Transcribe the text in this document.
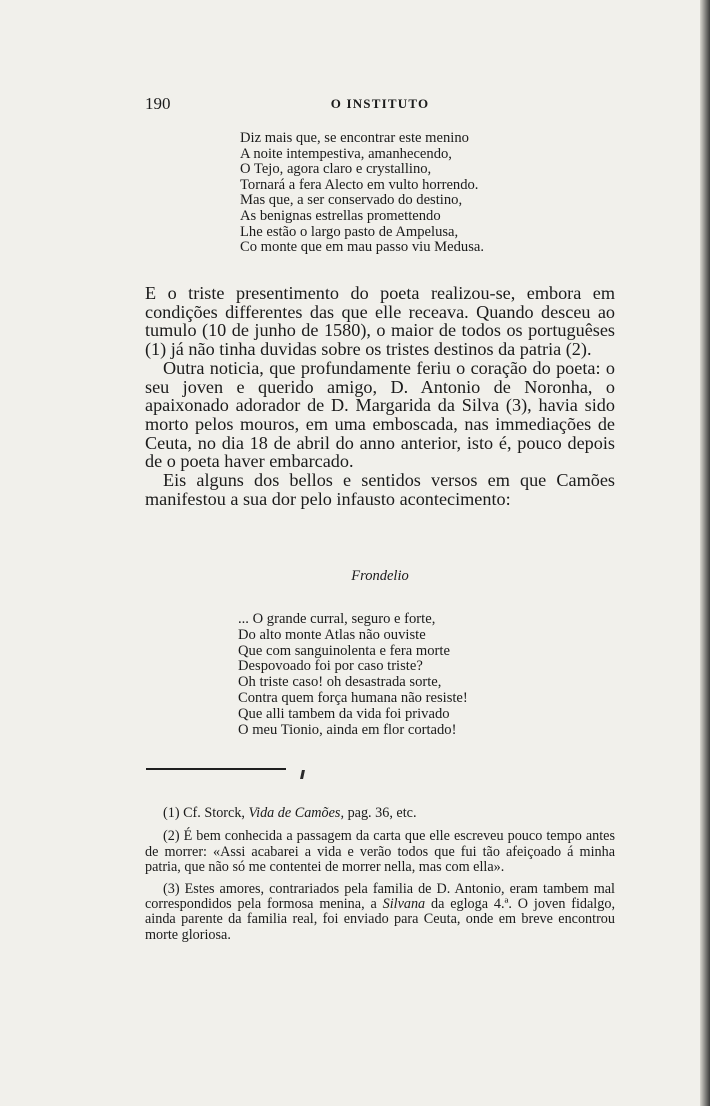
190	O INSTITUTO
Diz mais que, se encontrar este menino
A noite intempestiva, amanhecendo,
O Tejo, agora claro e crystallino,
Tornará a fera Alecto em vulto horrendo.
Mas que, a ser conservado do destino,
As benignas estrellas promettendo
Lhe estão o largo pasto de Ampelusa,
Co monte que em mau passo viu Medusa.

E o triste presentimento do poeta realizou-se, embora em condições differentes das que elle receava. Quando desceu ao tumulo (10 de junho de 1580), o maior de todos os portuguêses (1) já não tinha duvidas sobre os tristes destinos da patria (2).

Outra noticia, que profundamente feriu o coração do poeta: o seu joven e querido amigo, D. Antonio de Noronha, o apaixonado adorador de D. Margarida da Silva (3), havia sido morto pelos mouros, em uma emboscada, nas immediações de Ceuta, no dia 18 de abril do anno anterior, isto é, pouco depois de o poeta haver embarcado.

Eis alguns dos bellos e sentidos versos em que Camões manifestou a sua dor pelo infausto acontecimento:

Frondelio
... O grande curral, seguro e forte,
Do alto monte Atlas não ouviste
Que com sanguinolenta e fera morte
Despovoado foi por caso triste?
Oh triste caso! oh desastrada sorte,
Contra quem força humana não resiste!
Que alli tambem da vida foi privado
O meu Tionio, ainda em flor cortado!

(1) Cf. Storck, Vida de Camões, pag. 36, etc.

(2) É bem conhecida a passagem da carta que elle escreveu pouco tempo antes de morrer: «Assi acabarei a vida e verão todos que fui tão afeiçoado á minha patria, que não só me contentei de morrer nella, mas com ella».

(3) Estes amores, contrariados pela familia de D. Antonio, eram tambem mal correspondidos pela formosa menina, a Silvana da egloga 4.ª. O joven fidalgo, ainda parente da familia real, foi enviado para Ceuta, onde em breve encontrou morte gloriosa.
